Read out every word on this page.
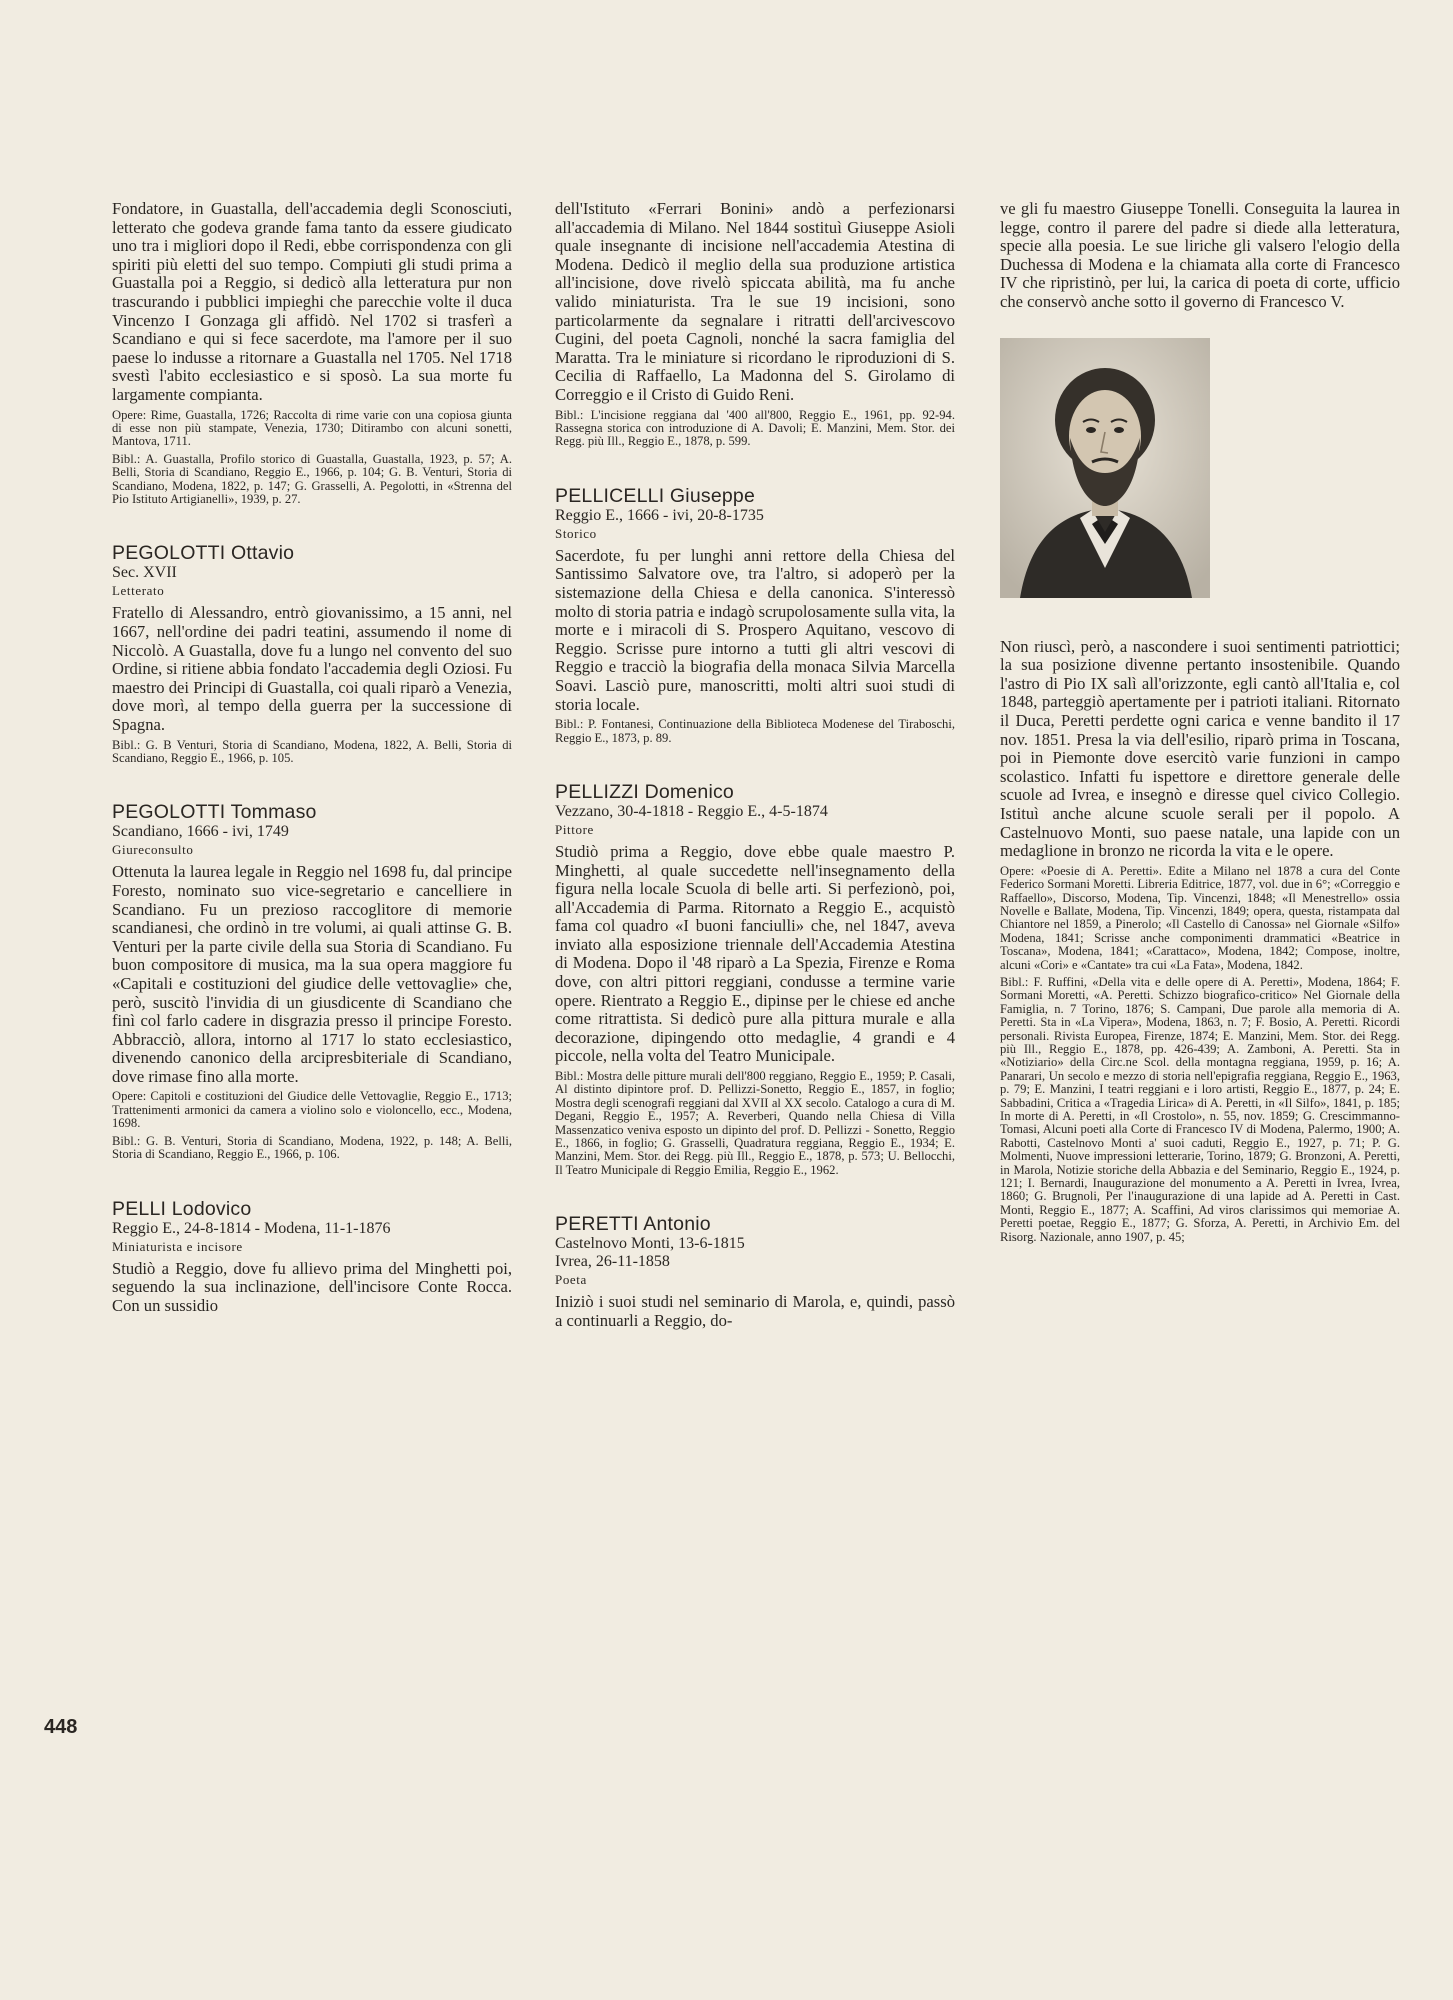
448

Fondatore, in Guastalla, dell'accademia degli Sconosciuti, letterato che godeva grande fama tanto da essere giudicato uno tra i migliori dopo il Redi, ebbe corrispondenza con gli spiriti più eletti del suo tempo. Compiuti gli studi prima a Guastalla poi a Reggio, si dedicò alla letteratura pur non trascurando i pubblici impieghi che parecchie volte il duca Vincenzo I Gonzaga gli affidò. Nel 1702 si trasferì a Scandiano e qui si fece sacerdote, ma l'amore per il suo paese lo indusse a ritornare a Guastalla nel 1705. Nel 1718 svestì l'abito ecclesiastico e si sposò. La sua morte fu largamente compianta.

Opere: Rime, Guastalla, 1726; Raccolta di rime varie con una copiosa giunta di esse non più stampate, Venezia, 1730; Ditirambo con alcuni sonetti, Mantova, 1711.

Bibl.: A. Guastalla, Profilo storico di Guastalla, Guastalla, 1923, p. 57; A. Belli, Storia di Scandiano, Reggio E., 1966, p. 104; G. B. Venturi, Storia di Scandiano, Modena, 1822, p. 147; G. Grasselli, A. Pegolotti, in «Strenna del Pio Istituto Artigianelli», 1939, p. 27.

PEGOLOTTI Ottavio

Sec. XVII

Letterato

Fratello di Alessandro, entrò giovanissimo, a 15 anni, nel 1667, nell'ordine dei padri teatini, assumendo il nome di Niccolò. A Guastalla, dove fu a lungo nel convento del suo Ordine, si ritiene abbia fondato l'accademia degli Oziosi. Fu maestro dei Principi di Guastalla, coi quali riparò a Venezia, dove morì, al tempo della guerra per la successione di Spagna.

Bibl.: G. B Venturi, Storia di Scandiano, Modena, 1822, A. Belli, Storia di Scandiano, Reggio E., 1966, p. 105.

PEGOLOTTI Tommaso

Scandiano, 1666 - ivi, 1749

Giureconsulto

Ottenuta la laurea legale in Reggio nel 1698 fu, dal principe Foresto, nominato suo vice-segretario e cancelliere in Scandiano. Fu un prezioso raccoglitore di memorie scandianesi, che ordinò in tre volumi, ai quali attinse G. B. Venturi per la parte civile della sua Storia di Scandiano. Fu buon compositore di musica, ma la sua opera maggiore fu «Capitali e costituzioni del giudice delle vettovaglie» che, però, suscitò l'invidia di un giusdicente di Scandiano che finì col farlo cadere in disgrazia presso il principe Foresto. Abbracciò, allora, intorno al 1717 lo stato ecclesiastico, divenendo canonico della arcipresbiteriale di Scandiano, dove rimase fino alla morte.

Opere: Capitoli e costituzioni del Giudice delle Vettovaglie, Reggio E., 1713; Trattenimenti armonici da camera a violino solo e violoncello, ecc., Modena, 1698.

Bibl.: G. B. Venturi, Storia di Scandiano, Modena, 1922, p. 148; A. Belli, Storia di Scandiano, Reggio E., 1966, p. 106.

PELLI Lodovico

Reggio E., 24-8-1814 - Modena, 11-1-1876

Miniaturista e incisore

Studiò a Reggio, dove fu allievo prima del Minghetti poi, seguendo la sua inclinazione, dell'incisore Conte Rocca. Con un sussidio

dell'Istituto «Ferrari Bonini» andò a perfezionarsi all'accademia di Milano. Nel 1844 sostituì Giuseppe Asioli quale insegnante di incisione nell'accademia Atestina di Modena. Dedicò il meglio della sua produzione artistica all'incisione, dove rivelò spiccata abilità, ma fu anche valido miniaturista. Tra le sue 19 incisioni, sono particolarmente da segnalare i ritratti dell'arcivescovo Cugini, del poeta Cagnoli, nonché la sacra famiglia del Maratta. Tra le miniature si ricordano le riproduzioni di S. Cecilia di Raffaello, La Madonna del S. Girolamo di Correggio e il Cristo di Guido Reni.

Bibl.: L'incisione reggiana dal '400 all'800, Reggio E., 1961, pp. 92-94. Rassegna storica con introduzione di A. Davoli; E. Manzini, Mem. Stor. dei Regg. più Ill., Reggio E., 1878, p. 599.

PELLICELLI Giuseppe

Reggio E., 1666 - ivi, 20-8-1735

Storico

Sacerdote, fu per lunghi anni rettore della Chiesa del Santissimo Salvatore ove, tra l'altro, si adoperò per la sistemazione della Chiesa e della canonica. S'interessò molto di storia patria e indagò scrupolosamente sulla vita, la morte e i miracoli di S. Prospero Aquitano, vescovo di Reggio. Scrisse pure intorno a tutti gli altri vescovi di Reggio e tracciò la biografia della monaca Silvia Marcella Soavi. Lasciò pure, manoscritti, molti altri suoi studi di storia locale.

Bibl.: P. Fontanesi, Continuazione della Biblioteca Modenese del Tiraboschi, Reggio E., 1873, p. 89.

PELLIZZI Domenico

Vezzano, 30-4-1818 - Reggio E., 4-5-1874

Pittore

Studiò prima a Reggio, dove ebbe quale maestro P. Minghetti, al quale succedette nell'insegnamento della figura nella locale Scuola di belle arti. Si perfezionò, poi, all'Accademia di Parma. Ritornato a Reggio E., acquistò fama col quadro «I buoni fanciulli» che, nel 1847, aveva inviato alla esposizione triennale dell'Accademia Atestina di Modena. Dopo il '48 riparò a La Spezia, Firenze e Roma dove, con altri pittori reggiani, condusse a termine varie opere. Rientrato a Reggio E., dipinse per le chiese ed anche come ritrattista. Si dedicò pure alla pittura murale e alla decorazione, dipingendo otto medaglie, 4 grandi e 4 piccole, nella volta del Teatro Municipale.

Bibl.: Mostra delle pitture murali dell'800 reggiano, Reggio E., 1959; P. Casali, Al distinto dipintore prof. D. Pellizzi-Sonetto, Reggio E., 1857, in foglio; Mostra degli scenografi reggiani dal XVII al XX secolo. Catalogo a cura di M. Degani, Reggio E., 1957; A. Reverberi, Quando nella Chiesa di Villa Massenzatico veniva esposto un dipinto del prof. D. Pellizzi - Sonetto, Reggio E., 1866, in foglio; G. Grasselli, Quadratura reggiana, Reggio E., 1934; E. Manzini, Mem. Stor. dei Regg. più Ill., Reggio E., 1878, p. 573; U. Bellocchi, Il Teatro Municipale di Reggio Emilia, Reggio E., 1962.

PERETTI Antonio

Castelnovo Monti, 13-6-1815

Ivrea, 26-11-1858

Poeta

Iniziò i suoi studi nel seminario di Marola, e, quindi, passò a continuarli a Reggio, do-

ve gli fu maestro Giuseppe Tonelli. Conseguita la laurea in legge, contro il parere del padre si diede alla letteratura, specie alla poesia. Le sue liriche gli valsero l'elogio della Duchessa di Modena e la chiamata alla corte di Francesco IV che ripristinò, per lui, la carica di poeta di corte, ufficio che conservò anche sotto il governo di Francesco V.

Non riuscì, però, a nascondere i suoi sentimenti patriottici; la sua posizione divenne pertanto insostenibile. Quando l'astro di Pio IX salì all'orizzonte, egli cantò all'Italia e, col 1848, parteggiò apertamente per i patrioti italiani. Ritornato il Duca, Peretti perdette ogni carica e venne bandito il 17 nov. 1851. Presa la via dell'esilio, riparò prima in Toscana, poi in Piemonte dove esercitò varie funzioni in campo scolastico. Infatti fu ispettore e direttore generale delle scuole ad Ivrea, e insegnò e diresse quel civico Collegio. Istituì anche alcune scuole serali per il popolo. A Castelnuovo Monti, suo paese natale, una lapide con un medaglione in bronzo ne ricorda la vita e le opere.

Opere: «Poesie di A. Peretti». Edite a Milano nel 1878 a cura del Conte Federico Sormani Moretti. Libreria Editrice, 1877, vol. due in 6°; «Correggio e Raffaello», Discorso, Modena, Tip. Vincenzi, 1848; «Il Menestrello» ossia Novelle e Ballate, Modena, Tip. Vincenzi, 1849; opera, questa, ristampata dal Chiantore nel 1859, a Pinerolo; «Il Castello di Canossa» nel Giornale «Silfo» Modena, 1841; Scrisse anche componimenti drammatici «Beatrice in Toscana», Modena, 1841; «Carattaco», Modena, 1842; Compose, inoltre, alcuni «Cori» e «Cantate» tra cui «La Fata», Modena, 1842.

Bibl.: F. Ruffini, «Della vita e delle opere di A. Peretti», Modena, 1864; F. Sormani Moretti, «A. Peretti. Schizzo biografico-critico» Nel Giornale della Famiglia, n. 7 Torino, 1876; S. Campani, Due parole alla memoria di A. Peretti. Sta in «La Vipera», Modena, 1863, n. 7; F. Bosio, A. Peretti. Ricordi personali. Rivista Europea, Firenze, 1874; E. Manzini, Mem. Stor. dei Regg. più Ill., Reggio E., 1878, pp. 426-439; A. Zamboni, A. Peretti. Sta in «Notiziario» della Circ.ne Scol. della montagna reggiana, 1959, p. 16; A. Panarari, Un secolo e mezzo di storia nell'epigrafia reggiana, Reggio E., 1963, p. 79; E. Manzini, I teatri reggiani e i loro artisti, Reggio E., 1877, p. 24; E. Sabbadini, Critica a «Tragedia Lirica» di A. Peretti, in «Il Silfo», 1841, p. 185; In morte di A. Peretti, in «Il Crostolo», n. 55, nov. 1859; G. Crescimmanno-Tomasi, Alcuni poeti alla Corte di Francesco IV di Modena, Palermo, 1900; A. Rabotti, Castelnovo Monti a' suoi caduti, Reggio E., 1927, p. 71; P. G. Molmenti, Nuove impressioni letterarie, Torino, 1879; G. Bronzoni, A. Peretti, in Marola, Notizie storiche della Abbazia e del Seminario, Reggio E., 1924, p. 121; I. Bernardi, Inaugurazione del monumento a A. Peretti in Ivrea, Ivrea, 1860; G. Brugnoli, Per l'inaugurazione di una lapide ad A. Peretti in Cast. Monti, Reggio E., 1877; A. Scaffini, Ad viros clarissimos qui memoriae A. Peretti poetae, Reggio E., 1877; G. Sforza, A. Peretti, in Archivio Em. del Risorg. Nazionale, anno 1907, p. 45;
